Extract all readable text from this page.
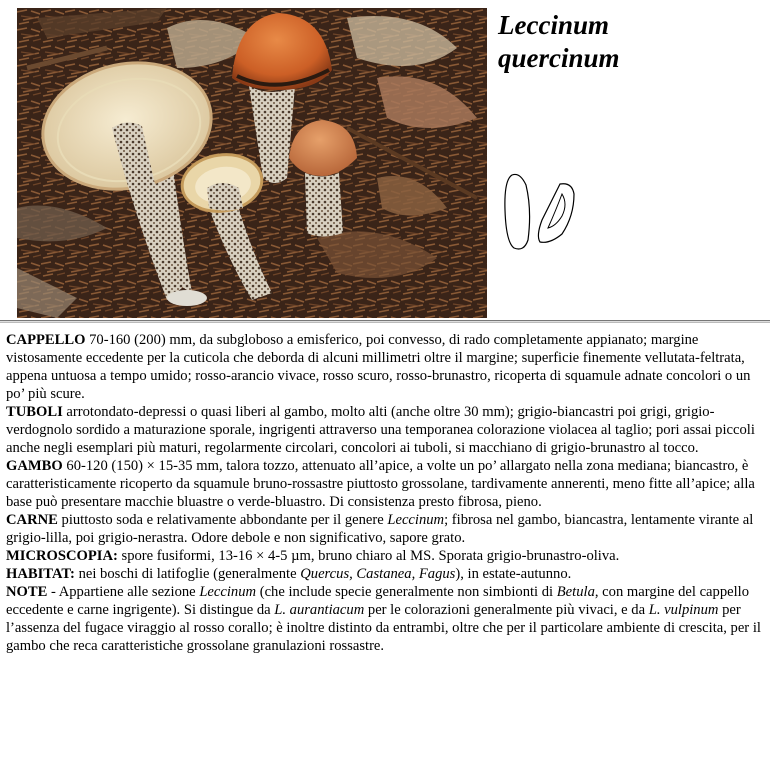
Leccinum
quercinum

CAPPELLO 70-160 (200) mm, da subgloboso a emisferico, poi convesso, di rado completamente appianato; margine vistosamente eccedente per la cuticola che deborda di alcuni millimetri oltre il margine; superficie finemente vellutata-feltrata, appena untuosa a tempo umido; rosso-arancio vivace, rosso scuro, rosso-brunastro, ricoperta di squamule adnate concolori o un po’ più scure.

TUBOLI arrotondato-depressi o quasi liberi al gambo, molto alti (anche oltre 30 mm); grigio-biancastri poi grigi, grigio-verdognolo sordido a maturazione sporale, ingrigenti attraverso una temporanea colorazione violacea al taglio; pori assai piccoli anche negli esemplari più maturi, regolarmente circolari, concolori ai tuboli, si macchiano di grigio-brunastro al tocco.

GAMBO 60-120 (150) × 15-35 mm, talora tozzo, attenuato all’apice, a volte un po’ allargato nella zona mediana; biancastro, è caratteristicamente ricoperto da squamule bruno-rossastre piuttosto grossolane, tardivamente annerenti, meno fitte all’apice; alla base può presentare macchie bluastre o verde-bluastro. Di consistenza presto fibrosa, pieno.

CARNE piuttosto soda e relativamente abbondante per il genere Leccinum; fibrosa nel gambo, biancastra, lentamente virante al grigio-lilla, poi grigio-nerastra. Odore debole e non significativo, sapore grato.

MICROSCOPIA: spore fusiformi, 13-16 × 4-5 µm, bruno chiaro al MS. Sporata grigio-brunastro-oliva.

HABITAT: nei boschi di latifoglie (generalmente Quercus, Castanea, Fagus), in estate-autunno.

NOTE - Appartiene alle sezione Leccinum (che include specie generalmente non simbionti di Betula, con margine del cappello eccedente e carne ingrigente). Si distingue da L. aurantiacum per le colorazioni generalmente più vivaci, e da L. vulpinum per l’assenza del fugace viraggio al rosso corallo; è inoltre distinto da entrambi, oltre che per il particolare ambiente di crescita, per il gambo che reca caratteristiche grossolane granulazioni rossastre.
